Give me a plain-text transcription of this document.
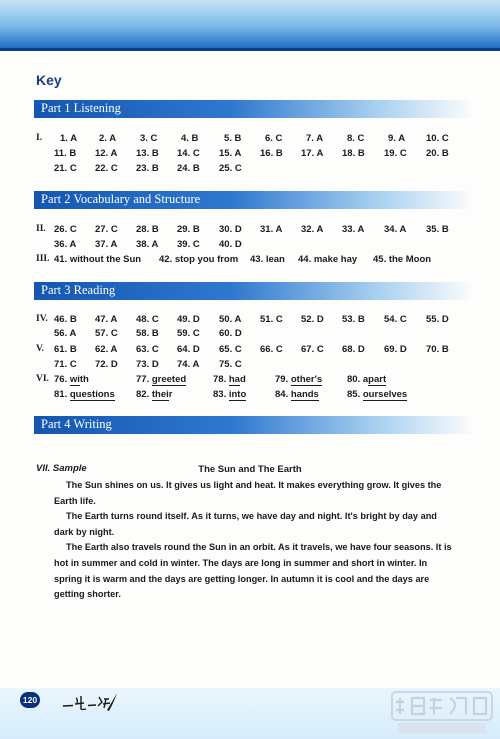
Key
Part 1 Listening
I. 1. A 2. A	3. C 4. B	5. B 6. C 7. A	8. C 9. A 10. C
11. B 12. A 13. B 14. C 15. A 16. B 17. A 18. B 19. C 20. B
21. C 22. C 23. B 24. B 25. C
Part 2 Vocabulary and Structure
II. 26. C 27. C 28. B 29. B 30. D 31. A 32. A 33. A 34. A 35. B
36. A 37. A 38. A 39. C 40. D
III. 41. without the Sun 42. stop you from 43. lean 44. make hay 45. the Moon
Part 3 Reading
IV. 46. B 47. A 48. C 49. D 50. A 51. C 52. D 53. B 54. C 55. D
56. A 57. C 58. B 59. C 60. D
V. 61. B 62. A 63. C 64. D 65. C 66. C 67. C 68. D 69. D 70. B
71. C 72. D 73. D 74. A 75. C
VI. 76. with	77. greeted	78. had	79. other's	80. apart
81. questions 82. their	83. into	84. hands	85. ourselves
Part 4 Writing
VII. Sample	The Sun and The Earth

The Sun shines on us. It gives us light and heat. It makes everything grow. It gives the Earth life.

The Earth turns round itself. As it turns, we have day and night. It's bright by day and dark by night.

The Earth also travels round the Sun in an orbit. As it travels, we have four seasons. It is hot in summer and cold in winter. The days are long in summer and short in winter. In spring it is warm and the days are getting longer. In autumn it is cool and the days are getting shorter.

120
